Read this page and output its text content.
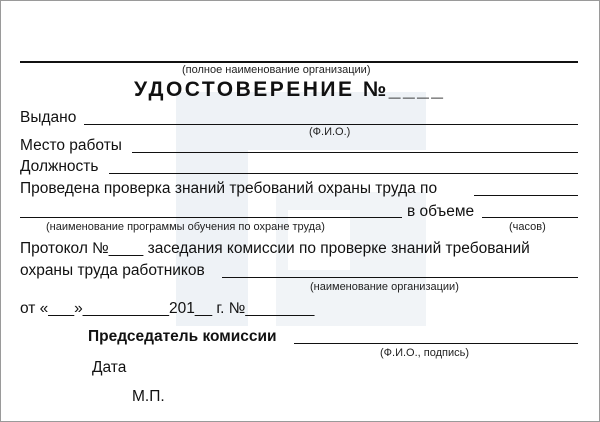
(полное наименование организации)
УДОСТОВЕРЕНИЕ №____
Выдано
(Ф.И.О.)
Место работы
Должность
Проведена проверка знаний требований охраны труда по
в объеме
(наименование программы обучения по охране труда)	(часов)
Протокол №____ заседания комиссии по проверке знаний требований
охраны труда работников
(наименование организации)
от «___»__________201__ г. №________
Председатель комиссии
(Ф.И.О., подпись)
Дата
М.П.
